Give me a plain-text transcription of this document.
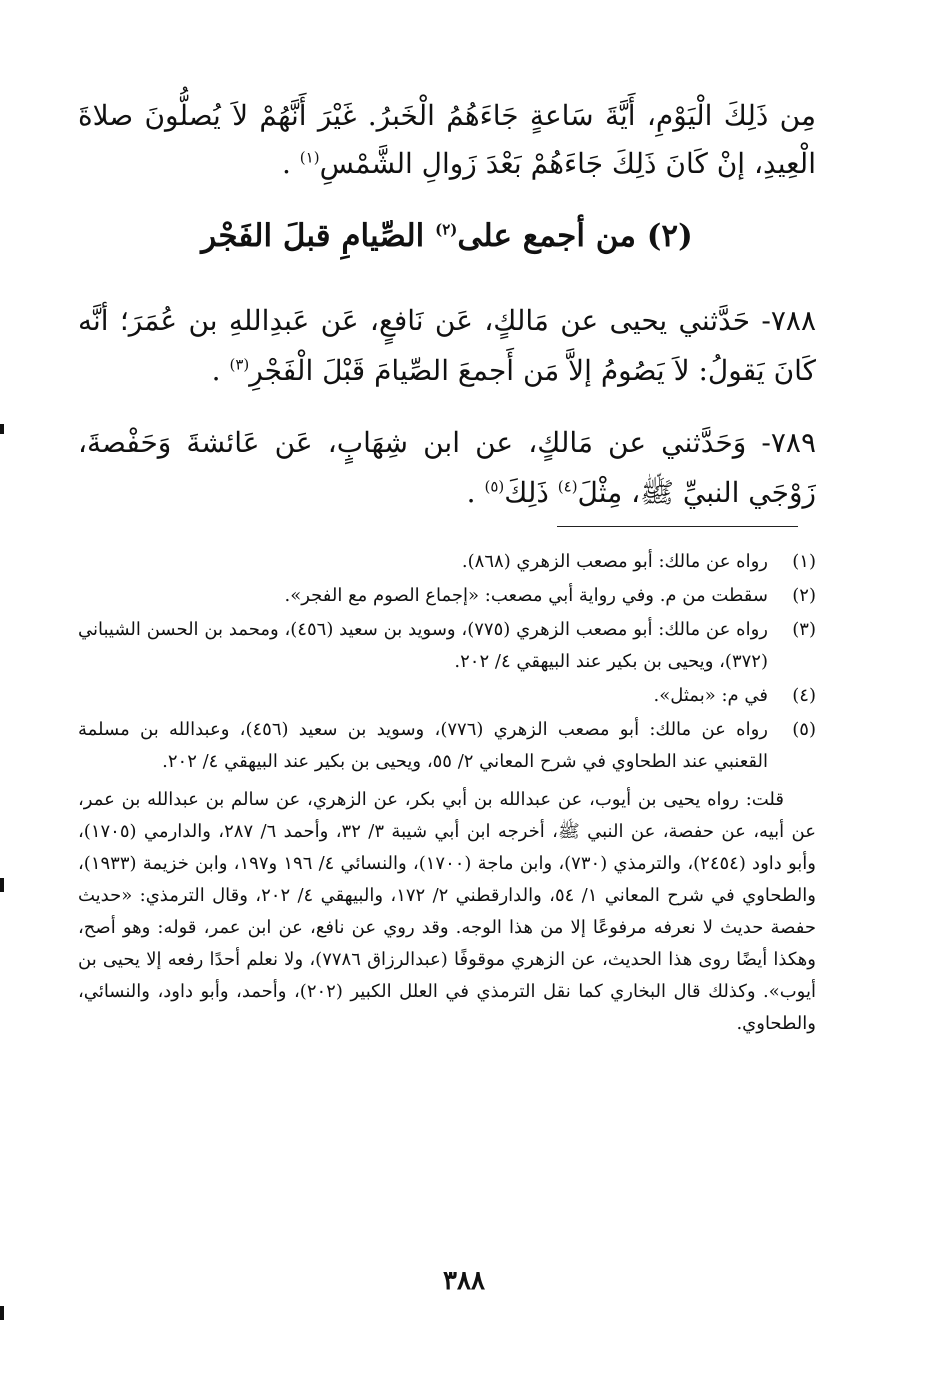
مِن ذَلِكَ الْيَوْمِ، أَيَّةَ سَاعةٍ جَاءَهُمُ الْخَبرُ. غَيْرَ أَنَّهُمْ لاَ يُصلُّونَ صلاةَ الْعِيدِ، إنْ كَانَ ذَلِكَ جَاءَهُمْ بَعْدَ زَوالِ الشَّمْسِ$^{(١)}$ .
(٢) من أجمع على$^{(٢)}$ الصِّيامِ قبلَ الفَجْر
٧٨٨- حَدَّثني يحيى عن مَالكٍ، عَن نَافعٍ، عَن عَبدِاللهِ بن عُمَرَ؛ أنَّه كَانَ يَقولُ: لاَ يَصُومُ إلاَّ مَن أَجمعَ الصِّيامَ قَبْلَ الْفَجْرِ$^{(٣)}$ .
٧٨٩- وَحَدَّثني عن مَالكٍ، عن ابن شِهَابٍ، عَن عَائشةَ وَحَفْصةَ، زَوْجَي النبيِّ ﷺ، مِثْلَ$^{(٤)}$ ذَلِكَ$^{(٥)}$ .
(١)
رواه عن مالك: أبو مصعب الزهري (٨٦٨).
(٢)
سقطت من م. وفي رواية أبي مصعب: «إجماع الصوم مع الفجر».
(٣)
رواه عن مالك: أبو مصعب الزهري (٧٧٥)، وسويد بن سعيد (٤٥٦)، ومحمد بن الحسن الشيباني (٣٧٢)، ويحيى بن بكير عند البيهقي ٤/ ٢٠٢.
(٤)
في م: «بمثل».
(٥)
رواه عن مالك: أبو مصعب الزهري (٧٧٦)، وسويد بن سعيد (٤٥٦)، وعبدالله بن مسلمة القعنبي عند الطحاوي في شرح المعاني ٢/ ٥٥، ويحيى بن بكير عند البيهقي ٤/ ٢٠٢.
قلت: رواه يحيى بن أيوب، عن عبدالله بن أبي بكر، عن الزهري، عن سالم بن عبدالله بن عمر، عن أبيه، عن حفصة، عن النبي ﷺ، أخرجه ابن أبي شيبة ٣/ ٣٢، وأحمد ٦/ ٢٨٧، والدارمي (١٧٠٥)، وأبو داود (٢٤٥٤)، والترمذي (٧٣٠)، وابن ماجة (١٧٠٠)، والنسائي ٤/ ١٩٦ و١٩٧، وابن خزيمة (١٩٣٣)، والطحاوي في شرح المعاني ١/ ٥٤، والدارقطني ٢/ ١٧٢، والبيهقي ٤/ ٢٠٢، وقال الترمذي: «حديث حفصة حديث لا نعرفه مرفوعًا إلا من هذا الوجه. وقد روي عن نافع، عن ابن عمر، قوله: وهو أصح، وهكذا أيضًا روى هذا الحديث، عن الزهري موقوفًا (عبدالرزاق ٧٧٨٦)، ولا نعلم أحدًا رفعه إلا يحيى بن أيوب». وكذلك قال البخاري كما نقل الترمذي في العلل الكبير (٢٠٢)، وأحمد، وأبو داود، والنسائي، والطحاوي.
٣٨٨
